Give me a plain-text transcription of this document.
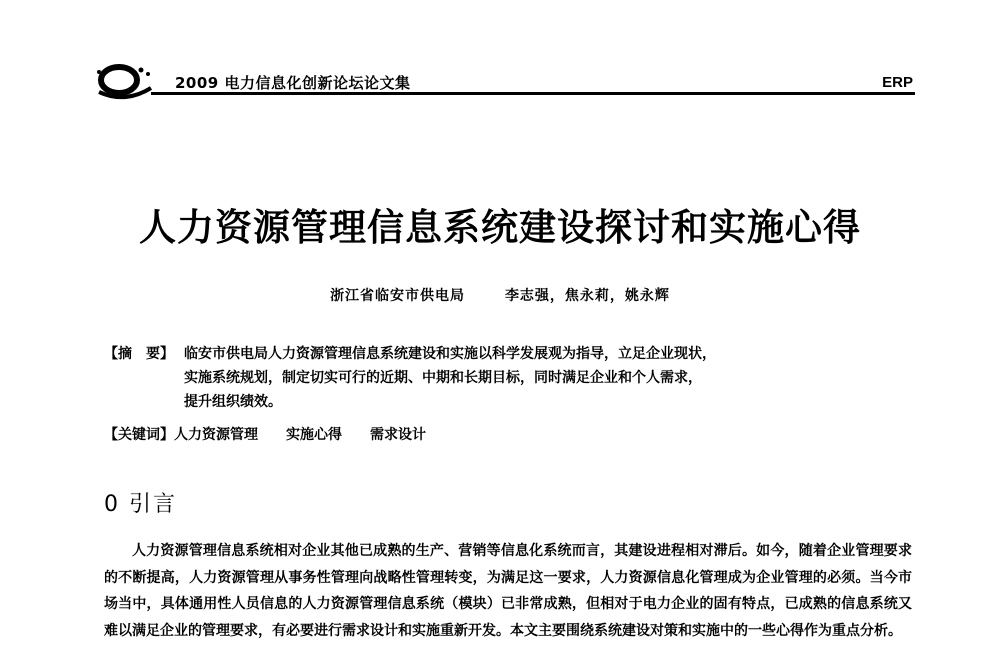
2009 电力信息化创新论坛论文集	ERP
人力资源管理信息系统建设探讨和实施心得
浙江省临安市供电局	李志强，焦永莉，姚永辉
【摘　要】 临安市供电局人力资源管理信息系统建设和实施以科学发展观为指导，立足企业现状，
实施系统规划，制定切实可行的近期、中期和长期目标，同时满足企业和个人需求，
提升组织绩效。
【关键词】人力资源管理 实施心得 需求设计
0 引言

人力资源管理信息系统相对企业其他已成熟的生产、营销等信息化系统而言，其建设进程相对滞后。如今，随着企业管理要求的不断提高，人力资源管理从事务性管理向战略性管理转变，为满足这一要求，人力资源信息化管理成为企业管理的必须。当今市场当中，具体通用性人员信息的人力资源管理信息系统（模块）已非常成熟，但相对于电力企业的固有特点，已成熟的信息系统又难以满足企业的管理要求，有必要进行需求设计和实施重新开发。本文主要围绕系统建设对策和实施中的一些心得作为重点分析。
